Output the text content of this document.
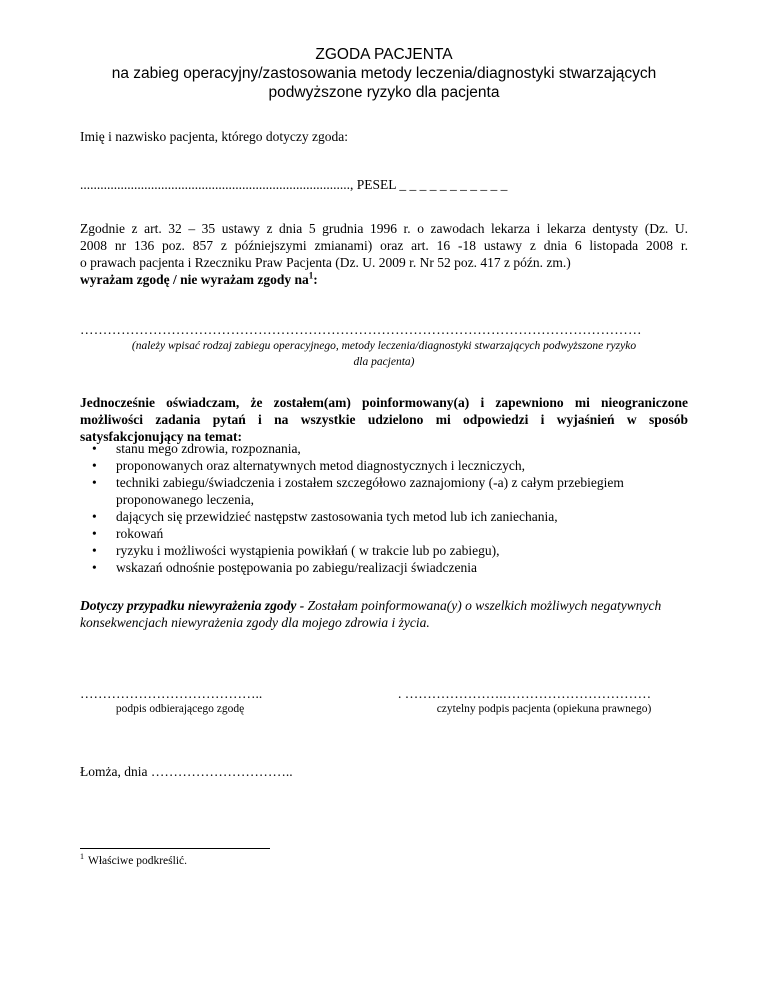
ZGODA PACJENTA
na zabieg operacyjny/zastosowania metody leczenia/diagnostyki stwarzających
podwyższone ryzyko dla pacjenta
Imię i nazwisko pacjenta, którego dotyczy zgoda:
................................................................................, PESEL _ _ _ _ _ _ _ _ _ _ _
Zgodnie z art. 32 – 35 ustawy z dnia 5 grudnia 1996 r. o zawodach lekarza i lekarza dentysty (Dz. U.
2008 nr 136 poz. 857 z późniejszymi zmianami) oraz art. 16 -18 ustawy z dnia 6 listopada 2008 r.
o prawach pacjenta i Rzeczniku Praw Pacjenta (Dz. U. 2009 r. Nr 52 poz. 417 z późn. zm.)
wyrażam zgodę / nie wyrażam zgody $na^1$:
……………………………………………………………………………………………………………
(należy wpisać rodzaj zabiegu operacyjnego, metody leczenia/diagnostyki stwarzających podwyższone ryzyko
dla pacjenta)
Jednocześnie oświadczam, że zostałem(am) poinformowany(a) i zapewniono mi nieograniczone
możliwości zadania pytań i na wszystkie udzielono mi odpowiedzi i wyjaśnień w sposób
satysfakcjonujący na temat:
• stanu mego zdrowia, rozpoznania,
• proponowanych oraz alternatywnych metod diagnostycznych i leczniczych,
• techniki zabiegu/świadczenia i zostałem szczegółowo zaznajomiony (-a) z całym przebiegiem proponowanego leczenia,
• dających się przewidzieć następstw zastosowania tych metod lub ich zaniechania,
• rokowań
• ryzyku i możliwości wystąpienia powikłań ( w trakcie lub po zabiegu),
• wskazań odnośnie postępowania po zabiegu/realizacji świadczenia
Dotyczy przypadku niewyrażenia zgody - Zostałam poinformowana(y) o wszelkich możliwych negatywnych konsekwencjach niewyrażenia zgody dla mojego zdrowia i życia.
…………………………………..
podpis odbierającego zgodę
. ………………….……………………………
czytelny podpis pacjenta (opiekuna prawnego)
Łomża, dnia …………………………..
$^1$ Właściwe podkreślić.
